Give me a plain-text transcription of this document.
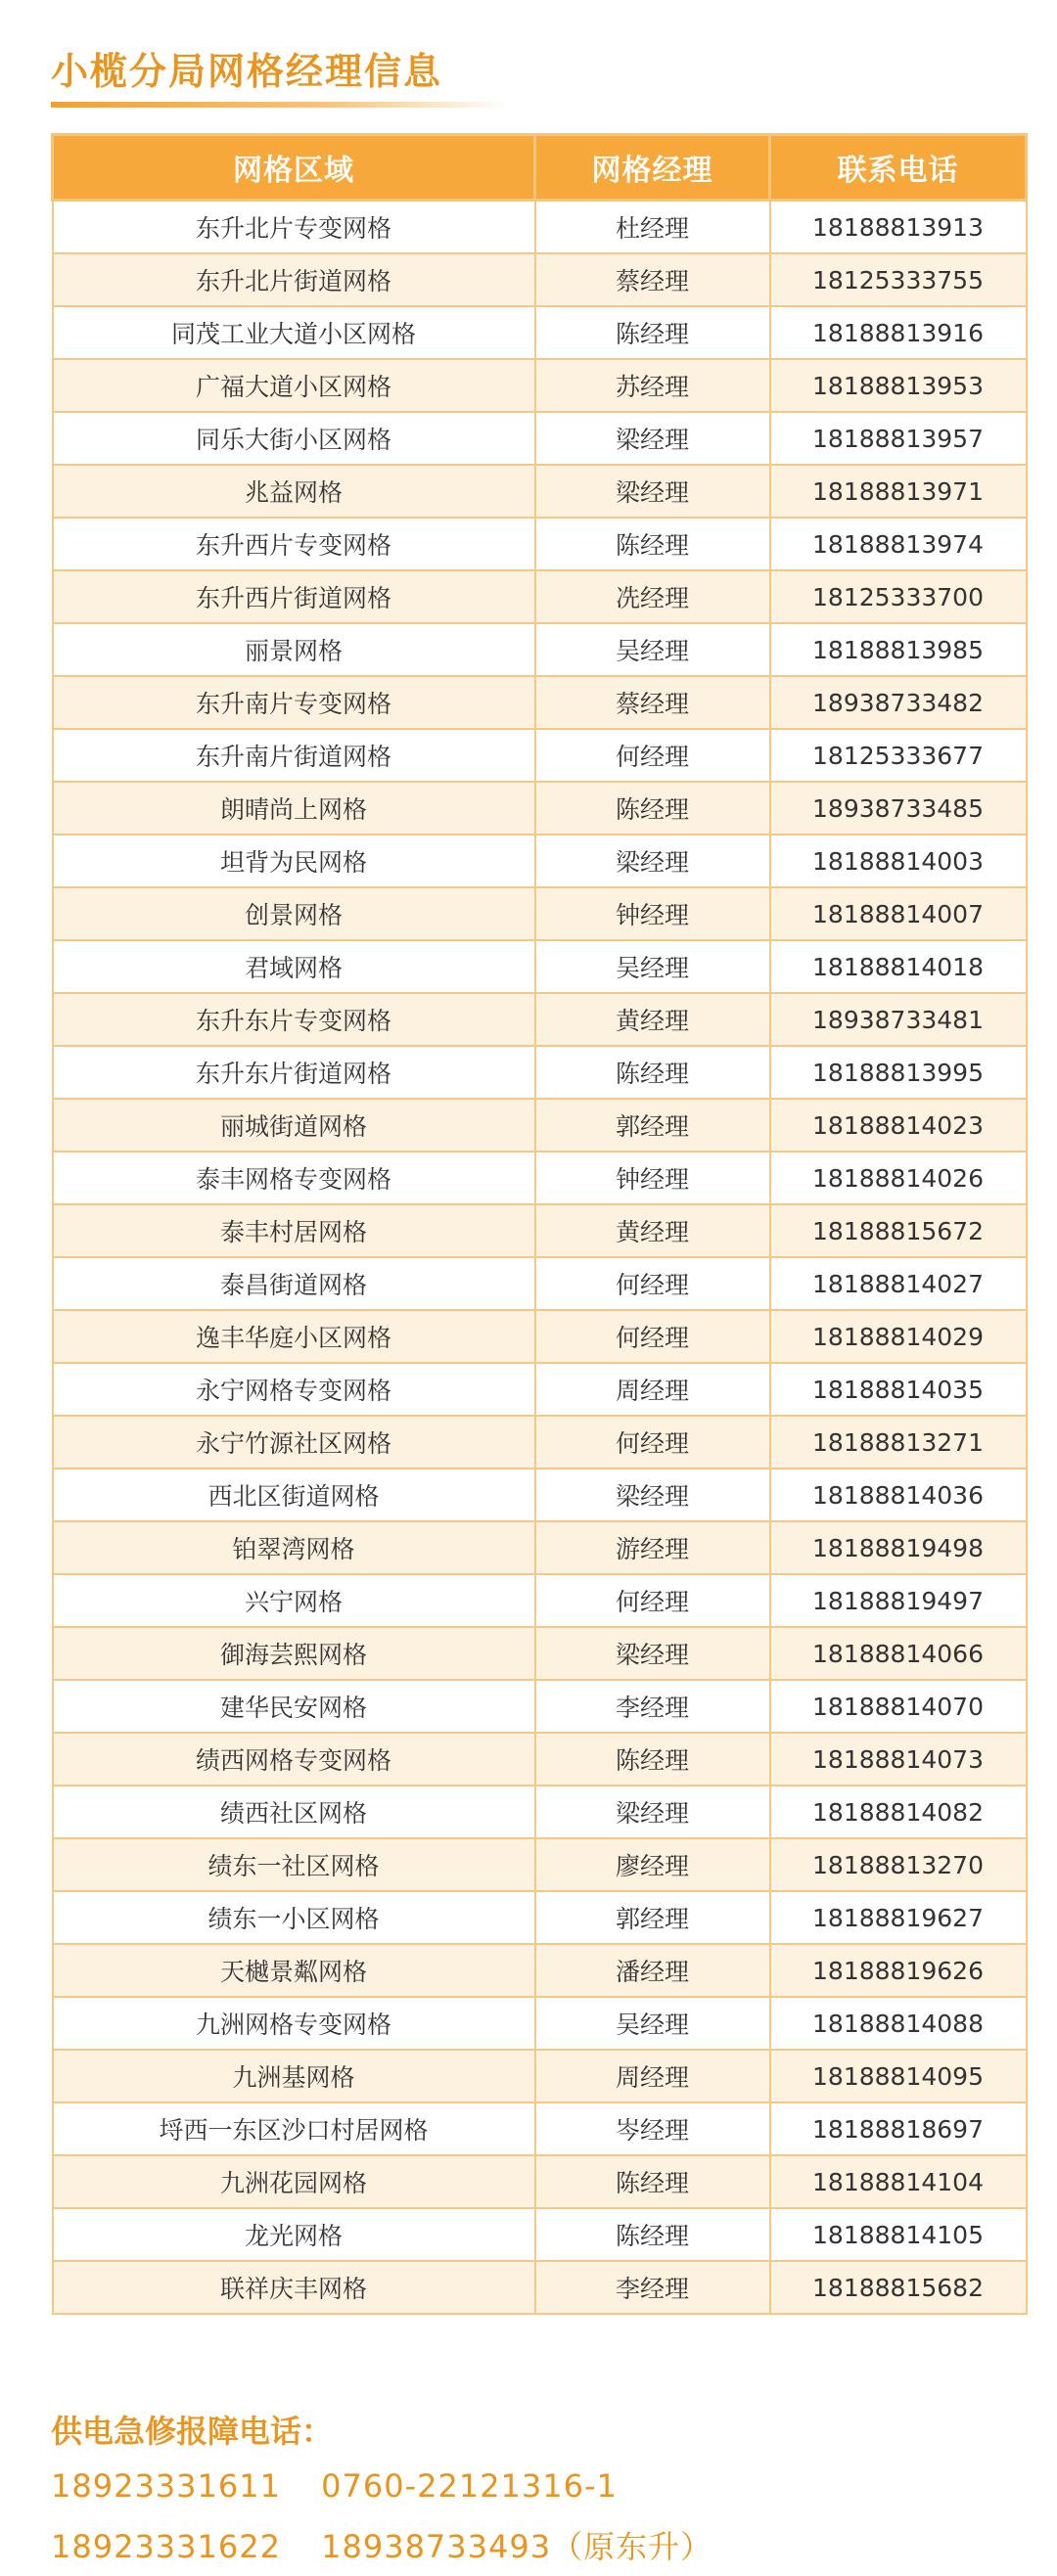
小榄分局网格经理信息
网格区域	网格经理	联系电话
东升北片专变网格	杜经理	18188813913
东升北片街道网格	蔡经理	18125333755
同茂工业大道小区网格	陈经理	18188813916
广福大道小区网格	苏经理	18188813953
同乐大街小区网格	梁经理	18188813957
兆益网格	梁经理	18188813971
东升西片专变网格	陈经理	18188813974
东升西片街道网格	冼经理	18125333700
丽景网格	吴经理	18188813985
东升南片专变网格	蔡经理	18938733482
东升南片街道网格	何经理	18125333677
朗晴尚上网格	陈经理	18938733485
坦背为民网格	梁经理	18188814003
创景网格	钟经理	18188814007
君域网格	吴经理	18188814018
东升东片专变网格	黄经理	18938733481
东升东片街道网格	陈经理	18188813995
丽城街道网格	郭经理	18188814023
泰丰网格专变网格	钟经理	18188814026
泰丰村居网格	黄经理	18188815672
泰昌街道网格	何经理	18188814027
逸丰华庭小区网格	何经理	18188814029
永宁网格专变网格	周经理	18188814035
永宁竹源社区网格	何经理	18188813271
西北区街道网格	梁经理	18188814036
铂翠湾网格	游经理	18188819498
兴宁网格	何经理	18188819497
御海芸熙网格	梁经理	18188814066
建华民安网格	李经理	18188814070
绩西网格专变网格	陈经理	18188814073
绩西社区网格	梁经理	18188814082
绩东一社区网格	廖经理	18188813270
绩东一小区网格	郭经理	18188819627
天樾景粼网格	潘经理	18188819626
九洲网格专变网格	吴经理	18188814088
九洲基网格	周经理	18188814095
埒西一东区沙口村居网格	岑经理	18188818697
九洲花园网格	陈经理	18188814104
龙光网格	陈经理	18188814105
联祥庆丰网格	李经理	18188815682
供电急修报障电话：
18923331611 0760-22121316-1
18923331622 18938733493（原东升）
